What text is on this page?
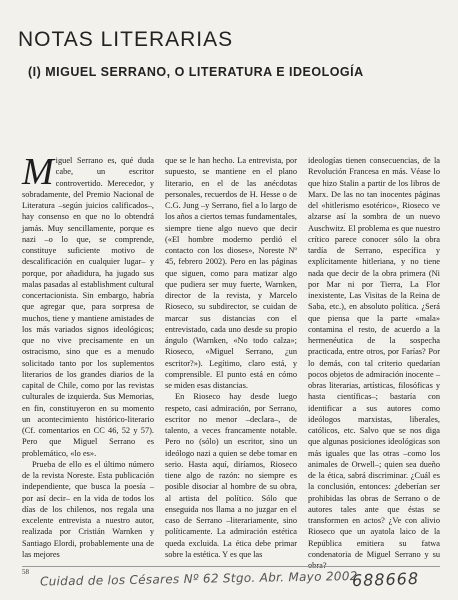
NOTAS LITERARIAS
(I) MIGUEL SERRANO, O LITERATURA E IDEOLOGÍA

Miguel Serrano es, qué duda cabe, un escritor controvertido. Merecedor, y sobradamente, del Premio Nacional de Literatura –según juicios calificados–, hay consenso en que no lo obtendrá jamás. Muy sencillamente, porque es nazi –o lo que, se comprende, constituye suficiente motivo de descalificación en cualquier lugar– y porque, por añadidura, ha jugado sus malas pasadas al establishment cultural concertacionista. Sin embargo, habría que agregar que, para sorpresa de muchos, tiene y mantiene amistades de los más variados signos ideológicos; que no vive precisamente en un ostracismo, sino que es a menudo solicitado tanto por los suplementos literarios de los grandes diarios de la capital de Chile, como por las revistas culturales de izquierda. Sus Memorias, en fin, constituyeron en su momento un acontecimiento histórico-literario (Cf. comentarios en CC 46, 52 y 57). Pero que Miguel Serrano es problemático, «lo es».

Prueba de ello es el último número de la revista Noreste. Esta publicación independiente, que busca la poesía –por así decir– en la vida de todos los días de los chilenos, nos regala una excelente entrevista a nuestro autor, realizada por Cristián Warnken y Santiago Elordi, probablemente una de las mejores

que se le han hecho. La entrevista, por supuesto, se mantiene en el plano literario, en el de las anécdotas personales, recuerdos de H. Hesse o de C.G. Jung –y Serrano, fiel a lo largo de los años a ciertos temas fundamentales, siempre tiene algo nuevo que decir («El hombre moderno perdió el contacto con los dioses», Noreste Nº 45, febrero 2002). Pero en las páginas que siguen, como para matizar algo que pudiera ser muy fuerte, Warnken, director de la revista, y Marcelo Rioseco, su subdirector, se cuidan de marcar sus distancias con el entrevistado, cada uno desde su propio ángulo (Warnken, «No todo calza»; Rioseco, «Miguel Serrano, ¿un escritor?»). Legítimo, claro está, y comprensible. El punto está en cómo se miden esas distancias.

En Rioseco hay desde luego respeto, casi admiración, por Serrano, escritor no menor –declara–, de talento, a veces francamente notable. Pero no (sólo) un escritor, sino un ideólogo nazi a quien se debe tomar en serio. Hasta aquí, diríamos, Rioseco tiene algo de razón: no siempre es posible disociar al hombre de su obra, al artista del político. Sólo que enseguida nos llama a no juzgar en el caso de Serrano –literariamente, sino políticamente. La admiración estética queda excluida. La ética debe primar sobre la estética. Y es que las

ideologías tienen consecuencias, de la Revolución Francesa en más. Véase lo que hizo Stalin a partir de los libros de Marx. De las no tan inocentes páginas del «hitlerismo esotérico», Rioseco ve alzarse así la sombra de un nuevo Auschwitz. El problema es que nuestro crítico parece conocer sólo la obra tardía de Serrano, específica y explícitamente hitleriana, y no tiene nada que decir de la obra primera (Ni por Mar ni por Tierra, La Flor inexistente, Las Visitas de la Reina de Saba, etc.), en absoluto política. ¿Será que piensa que la parte «mala» contamina el resto, de acuerdo a la hermenéutica de la sospecha practicada, entre otros, por Farías? Por lo demás, con tal criterio quedarían pocos objetos de admiración inocente –obras literarias, artísticas, filosóficas y hasta científicas–; bastaría con identificar a sus autores como ideólogos marxistas, liberales, católicos, etc. Salvo que se nos diga que algunas posiciones ideológicas son más iguales que las otras –como los animales de Orwell–; quien sea dueño de la ética, sabrá discriminar. ¿Cuál es la conclusión, entonces: ¿deberían ser prohibidas las obras de Serrano o de autores tales ante que éstas se transformen en actos? ¿Ve con alivio Rioseco que un ayatola laico de la República emitiera su fatwa condenatoria de Miguel Serrano y su obra?

58 Cuidad de los Césares Nº 62 Stgo. Abr. Mayo 2002
688668
